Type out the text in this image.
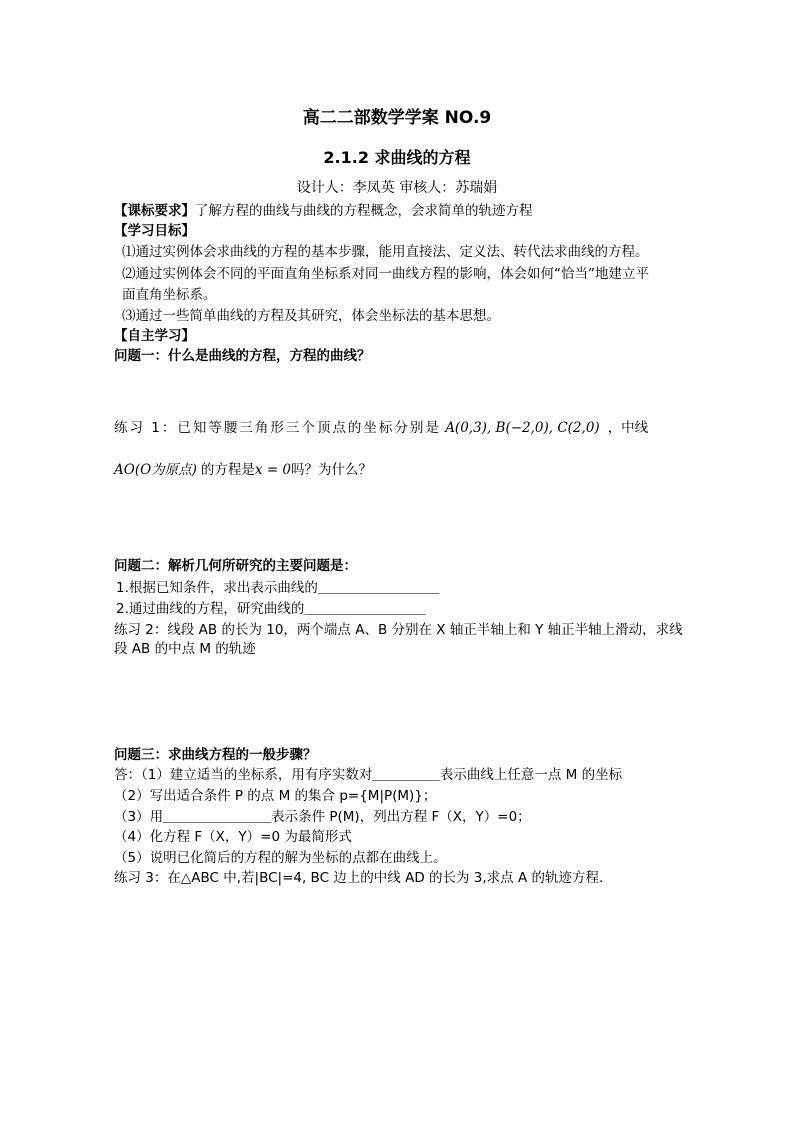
高二二部数学学案 NO.9
2.1.2 求曲线的方程
设计人：李凤英 审核人：苏瑞娟
【课标要求】了解方程的曲线与曲线的方程概念，会求简单的轨迹方程
【学习目标】
⑴通过实例体会求曲线的方程的基本步骤，能用直接法、定义法、转代法求曲线的方程。
⑵通过实例体会不同的平面直角坐标系对同一曲线方程的影响，体会如何“恰当”地建立平
面直角坐标系。
⑶通过一些简单曲线的方程及其研究，体会坐标法的基本思想。
【自主学习】
问题一：什么是曲线的方程，方程的曲线？
练习 1：已知等腰三角形三个顶点的坐标分别是 A(0,3), B(−2,0), C(2,0) ，中线
AO(O为原点) 的方程是x = 0吗？为什么？
问题二：解析几何所研究的主要问题是：
1.根据已知条件，求出表示曲线的＿＿＿＿＿＿＿＿＿
2.通过曲线的方程，研究曲线的＿＿＿＿＿＿＿＿＿
练习 2：线段 AB 的长为 10，两个端点 A、B 分别在 X 轴正半轴上和 Y 轴正半轴上滑动，求线
段 AB 的中点 M 的轨迹
问题三：求曲线方程的一般步骤？
答：（1）建立适当的坐标系，用有序实数对＿＿＿＿＿表示曲线上任意一点 M 的坐标
（2）写出适合条件 P 的点 M 的集合 p={M|P(M)}；
（3）用＿＿＿＿＿＿＿＿表示条件 P(M)，列出方程 F（X，Y）=0；
（4）化方程 F（X，Y）=0 为最简形式
（5）说明已化简后的方程的解为坐标的点都在曲线上。
练习 3：在△ABC 中,若|BC|=4, BC 边上的中线 AD 的长为 3,求点 A 的轨迹方程.
